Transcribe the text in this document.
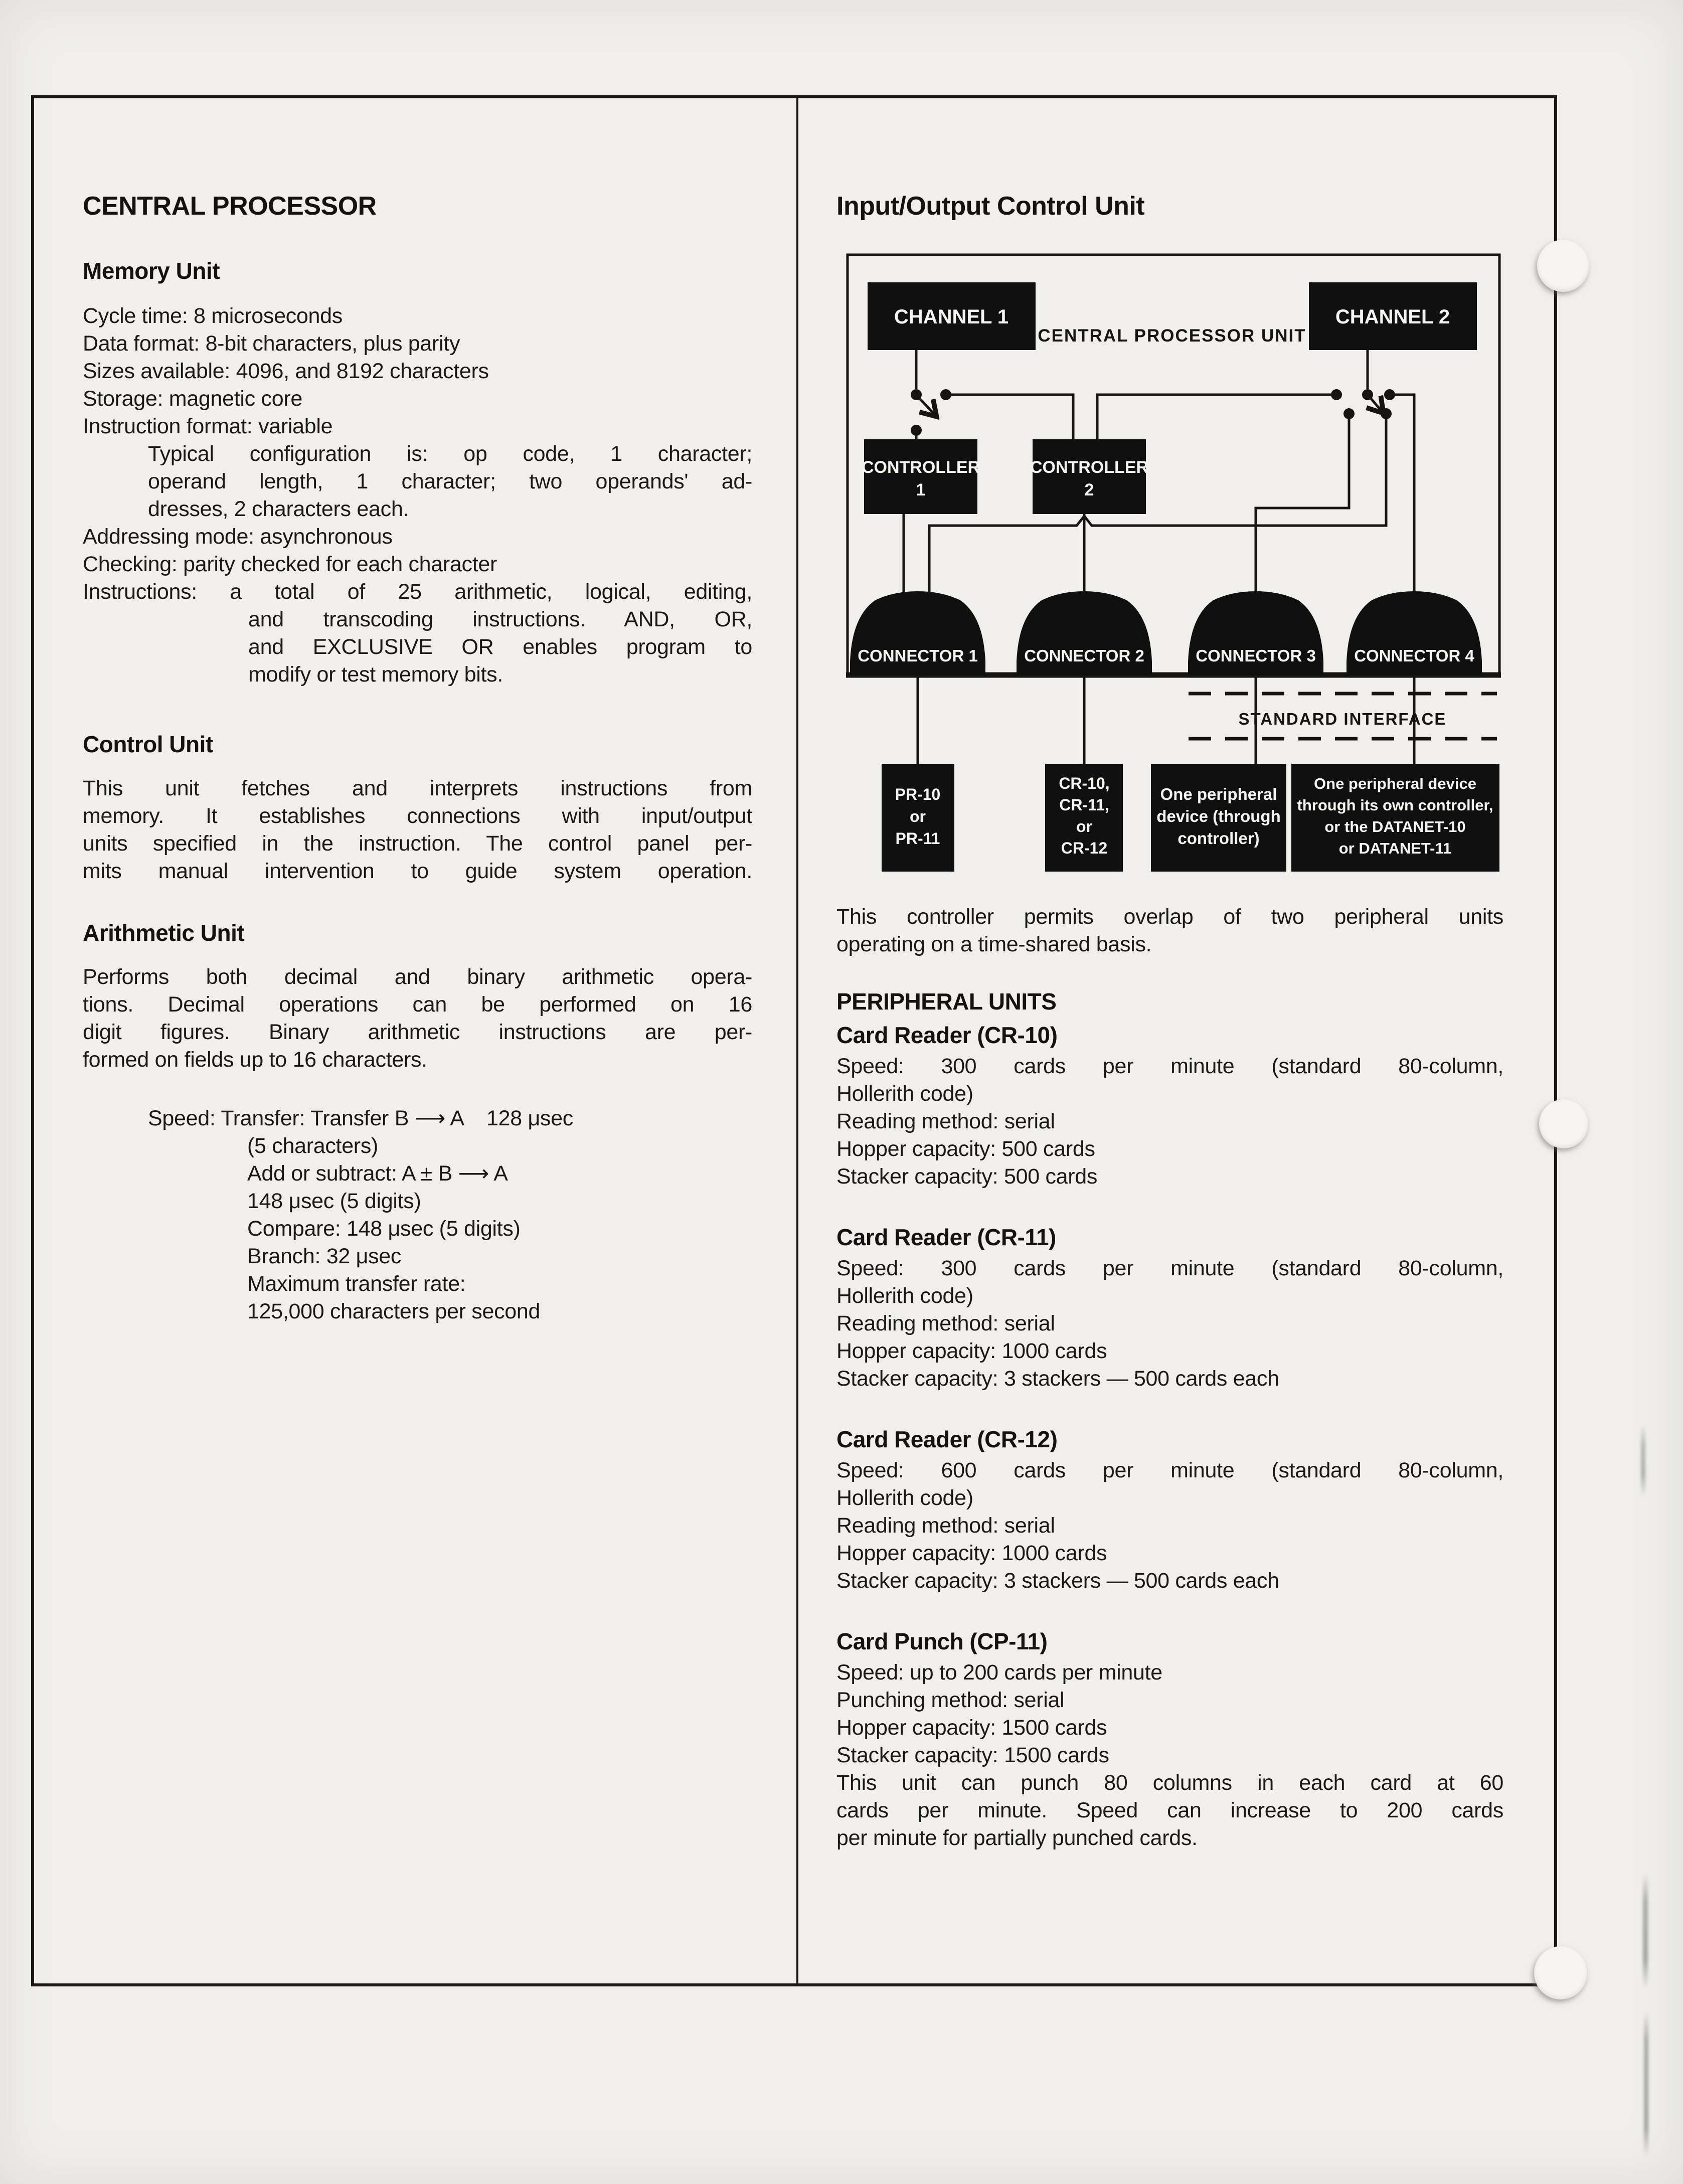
CENTRAL PROCESSOR
Memory Unit
Cycle time: 8 microseconds
Data format: 8-bit characters, plus parity
Sizes available: 4096, and 8192 characters
Storage: magnetic core
Instruction format: variable
Typical configuration is: op code, 1 character;
operand length, 1 character; two operands' ad-
dresses, 2 characters each.
Addressing mode: asynchronous
Checking: parity checked for each character
Instructions: a total of 25 arithmetic, logical, editing,
and transcoding instructions. AND, OR,
and EXCLUSIVE OR enables program to
modify or test memory bits.
Control Unit
This unit fetches and interprets instructions from
memory. It establishes connections with input/output
units specified in the instruction. The control panel per-
mits manual intervention to guide system operation.
Arithmetic Unit
Performs both decimal and binary arithmetic opera-
tions. Decimal operations can be performed on 16
digit figures. Binary arithmetic instructions are per-
formed on fields up to 16 characters.
Speed: Transfer: Transfer B ⟶ A    128 μsec
(5 characters)
Add or subtract: A ± B ⟶ A
148 μsec (5 digits)
Compare: 148 μsec (5 digits)
Branch: 32 μsec
Maximum transfer rate:
125,000 characters per second
Input/Output Control Unit
CHANNEL 1	CHANNEL 2
CENTRAL PROCESSOR UNIT
CONTROLLER
1
CONTROLLER
2
CONNECTOR 1	CONNECTOR 2	CONNECTOR 3 CONNECTOR 4
STANDARD INTERFACE
PR-10
or
PR-11
CR-10,
CR-11,
or
CR-12
One peripheral
device (through
controller)
One peripheral device
through its own controller,
or the DATANET-10
or DATANET-11
This controller permits overlap of two peripheral units
operating on a time-shared basis.
PERIPHERAL UNITS
Card Reader (CR-10)
Speed: 300 cards per minute (standard 80-column,
Hollerith code)
Reading method: serial
Hopper capacity: 500 cards
Stacker capacity: 500 cards
Card Reader (CR-11)
Speed: 300 cards per minute (standard 80-column,
Hollerith code)
Reading method: serial
Hopper capacity: 1000 cards
Stacker capacity: 3 stackers — 500 cards each
Card Reader (CR-12)
Speed: 600 cards per minute (standard 80-column,
Hollerith code)
Reading method: serial
Hopper capacity: 1000 cards
Stacker capacity: 3 stackers — 500 cards each
Card Punch (CP-11)
Speed: up to 200 cards per minute
Punching method: serial
Hopper capacity: 1500 cards
Stacker capacity: 1500 cards
This unit can punch 80 columns in each card at 60
cards per minute. Speed can increase to 200 cards
per minute for partially punched cards.
